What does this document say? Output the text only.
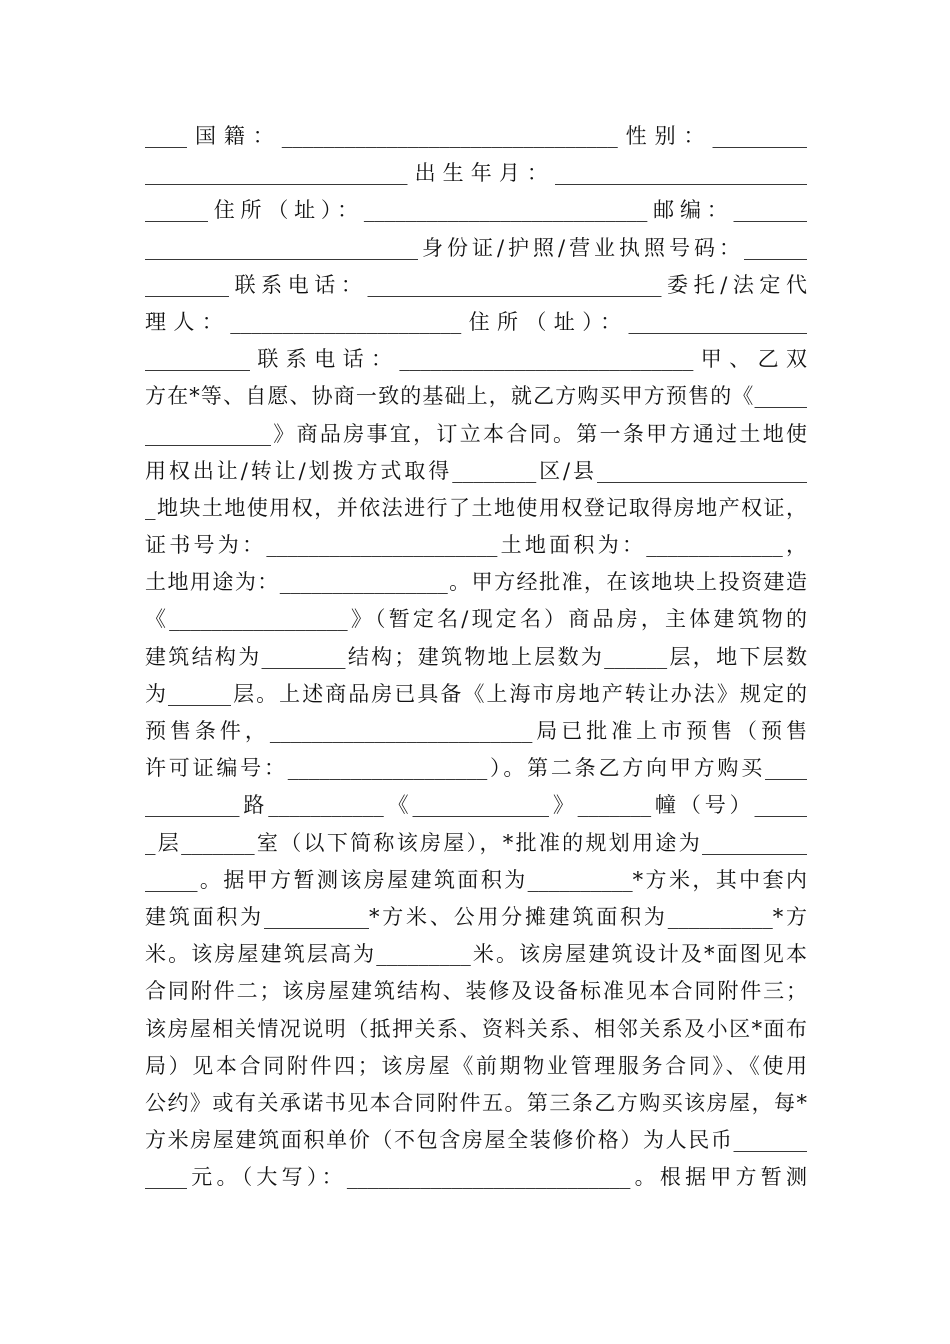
____国籍：________________________________性别：_________
_________________________出生年月：________________________
______住所（址）：___________________________邮编：_______
__________________________身份证/护照/营业执照号码：______
________联系电话：____________________________委托/法定代
理人：______________________住所（址）：_________________
__________联系电话：____________________________甲、乙双
方在*等、自愿、协商一致的基础上，就乙方购买甲方预售的《_____
____________》商品房事宜，订立本合同。第一条甲方通过土地使
用权出让/转让/划拨方式取得________区/县____________________
_地块土地使用权，并依法进行了土地使用权登记取得房地产权证，
证书号为：______________________土地面积为：_____________，
土地用途为：________________。甲方经批准，在该地块上投资建造
《_________________》（暂定名/现定名）商品房，主体建筑物的
建筑结构为________结构；建筑物地上层数为______层，地下层数
为______层。上述商品房已具备《上海市房地产转让办法》规定的
预售条件，_________________________局已批准上市预售（预售
许可证编号：___________________）。第二条乙方向甲方购买____
_________路___________《_____________》_______幢（号）_____
_层_______室（以下简称该房屋），*批准的规划用途为__________
_____。据甲方暂测该房屋建筑面积为__________*方米，其中套内
建筑面积为__________*方米、公用分摊建筑面积为__________*方
米。该房屋建筑层高为_________米。该房屋建筑设计及*面图见本
合同附件二；该房屋建筑结构、装修及设备标准见本合同附件三；
该房屋相关情况说明（抵押关系、资料关系、相邻关系及小区*面布
局）见本合同附件四；该房屋《前期物业管理服务合同》、《使用
公约》或有关承诺书见本合同附件五。第三条乙方购买该房屋，每*
方米房屋建筑面积单价（不包含房屋全装修价格）为人民币_______
____元。（大写）：___________________________。根据甲方暂测
